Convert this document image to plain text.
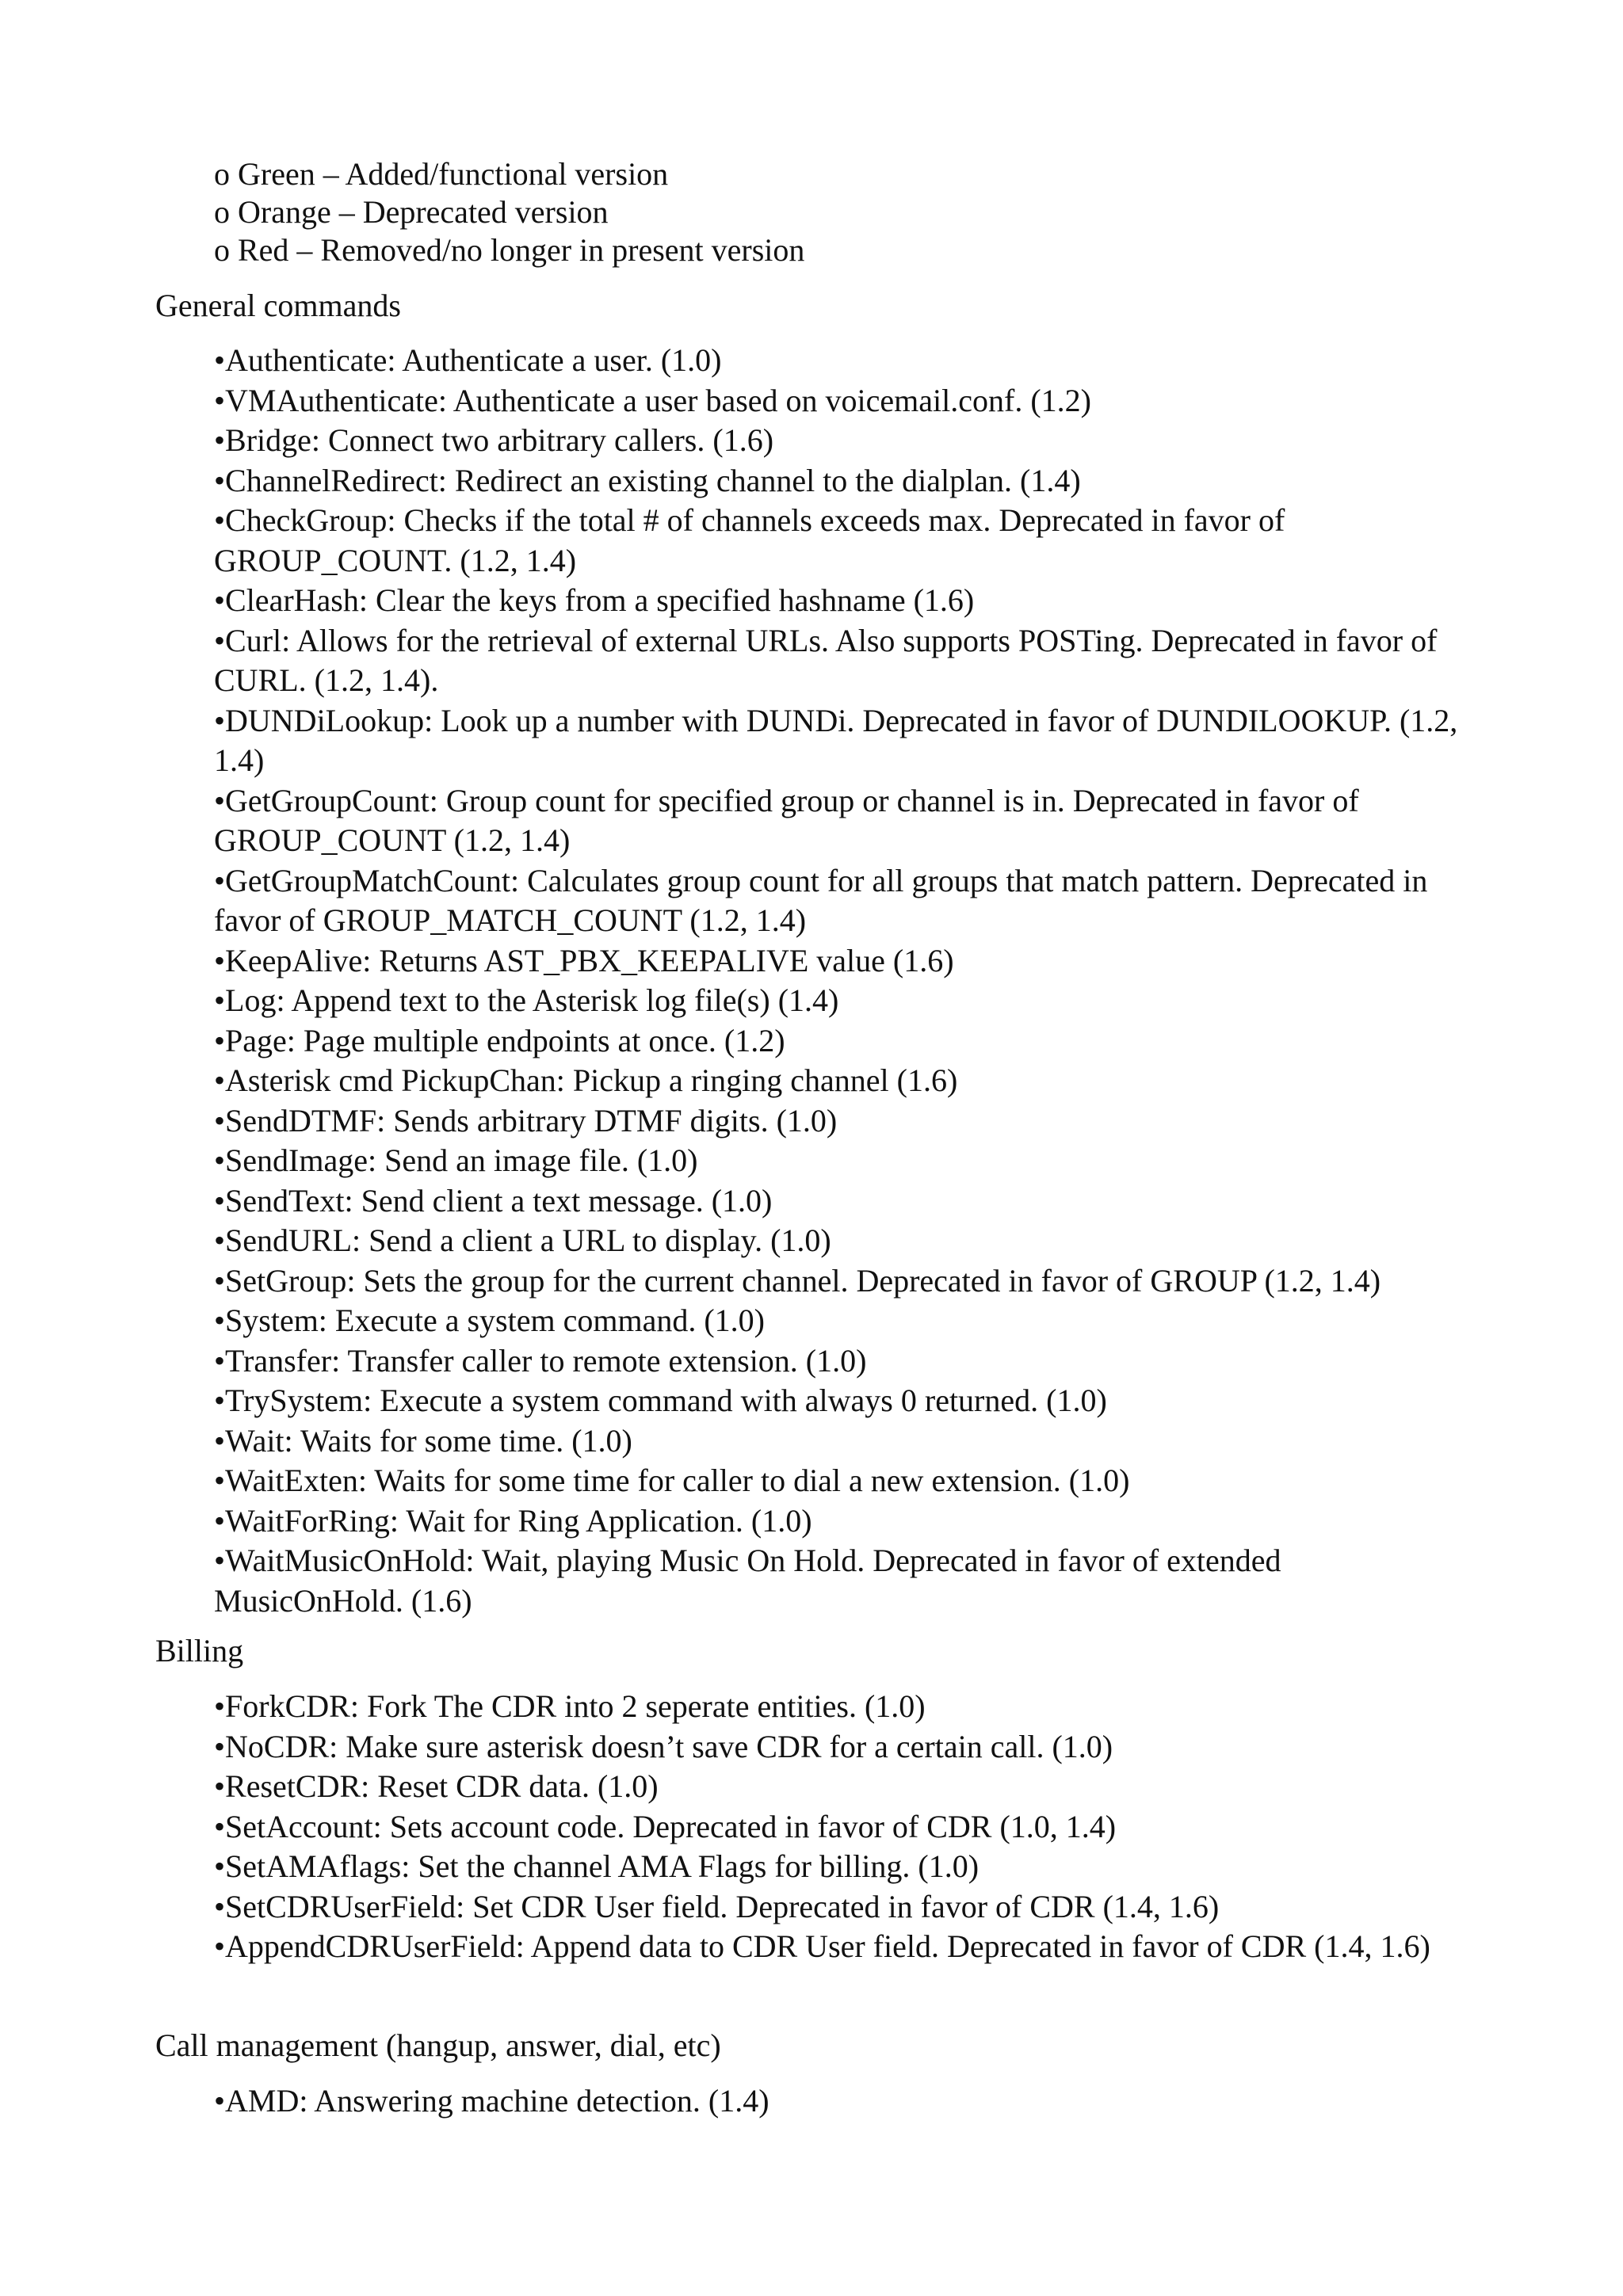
o Green – Added/functional version
o Orange – Deprecated version
o Red – Removed/no longer in present version
General commands
•Authenticate: Authenticate a user. (1.0)
•VMAuthenticate: Authenticate a user based on voicemail.conf. (1.2)
•Bridge: Connect two arbitrary callers. (1.6)
•ChannelRedirect: Redirect an existing channel to the dialplan. (1.4)
•CheckGroup: Checks if the total # of channels exceeds max. Deprecated in favor of GROUP_COUNT. (1.2, 1.4)
•ClearHash: Clear the keys from a specified hashname (1.6)
•Curl: Allows for the retrieval of external URLs. Also supports POSTing. Deprecated in favor of CURL. (1.2, 1.4).
•DUNDiLookup: Look up a number with DUNDi. Deprecated in favor of DUNDILOOKUP. (1.2, 1.4)
•GetGroupCount: Group count for specified group or channel is in. Deprecated in favor of GROUP_COUNT (1.2, 1.4)
•GetGroupMatchCount: Calculates group count for all groups that match pattern. Deprecated in favor of GROUP_MATCH_COUNT (1.2, 1.4)
•KeepAlive: Returns AST_PBX_KEEPALIVE value (1.6)
•Log: Append text to the Asterisk log file(s) (1.4)
•Page: Page multiple endpoints at once. (1.2)
•Asterisk cmd PickupChan: Pickup a ringing channel (1.6)
•SendDTMF: Sends arbitrary DTMF digits. (1.0)
•SendImage: Send an image file. (1.0)
•SendText: Send client a text message. (1.0)
•SendURL: Send a client a URL to display. (1.0)
•SetGroup: Sets the group for the current channel. Deprecated in favor of GROUP (1.2, 1.4)
•System: Execute a system command. (1.0)
•Transfer: Transfer caller to remote extension. (1.0)
•TrySystem: Execute a system command with always 0 returned. (1.0)
•Wait: Waits for some time. (1.0)
•WaitExten: Waits for some time for caller to dial a new extension. (1.0)
•WaitForRing: Wait for Ring Application. (1.0)
•WaitMusicOnHold: Wait, playing Music On Hold. Deprecated in favor of extended MusicOnHold. (1.6)
Billing
•ForkCDR: Fork The CDR into 2 seperate entities. (1.0)
•NoCDR: Make sure asterisk doesn’t save CDR for a certain call. (1.0)
•ResetCDR: Reset CDR data. (1.0)
•SetAccount: Sets account code. Deprecated in favor of CDR (1.0, 1.4)
•SetAMAflags: Set the channel AMA Flags for billing. (1.0)
•SetCDRUserField: Set CDR User field. Deprecated in favor of CDR (1.4, 1.6)
•AppendCDRUserField: Append data to CDR User field. Deprecated in favor of CDR (1.4, 1.6)
Call management (hangup, answer, dial, etc)
•AMD: Answering machine detection. (1.4)
